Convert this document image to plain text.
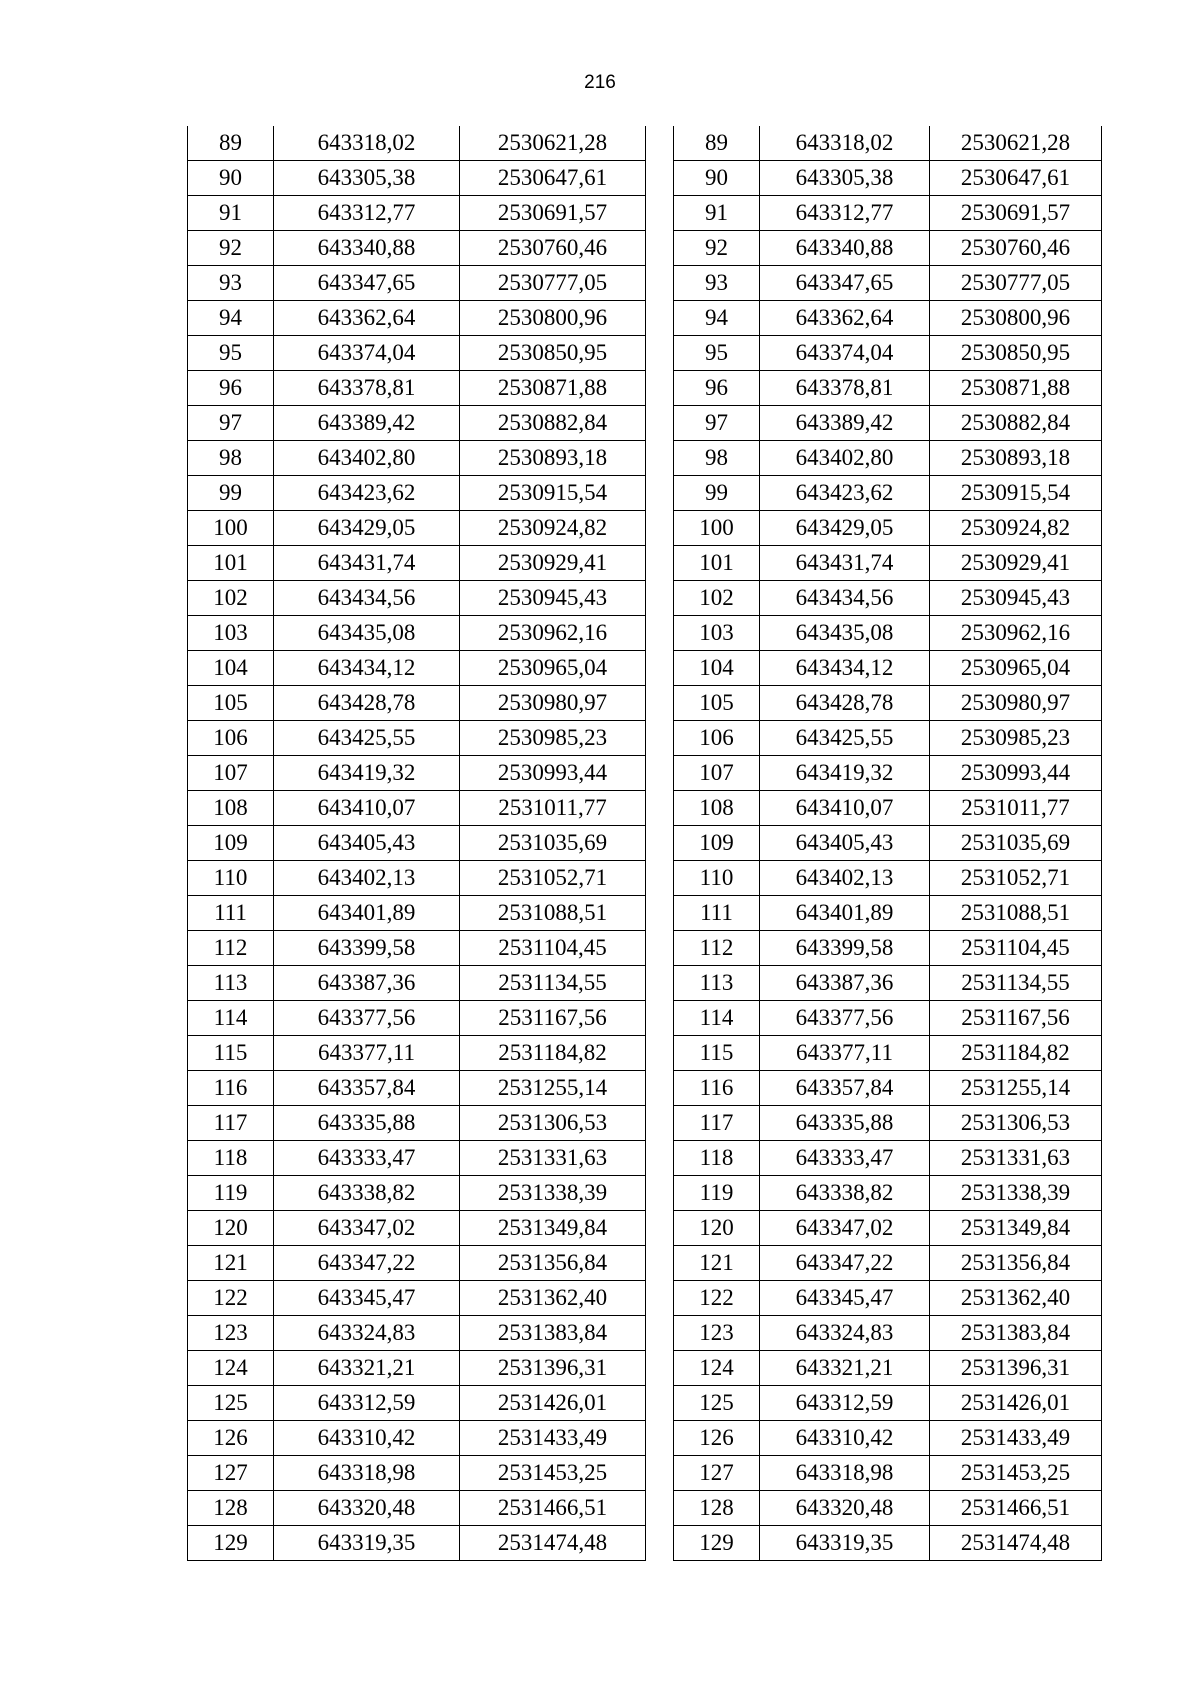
216
89	643318,02	2530621,28
90	643305,38	2530647,61
91	643312,77	2530691,57
92	643340,88	2530760,46
93	643347,65	2530777,05
94	643362,64	2530800,96
95	643374,04	2530850,95
96	643378,81	2530871,88
97	643389,42	2530882,84
98	643402,80	2530893,18
99	643423,62	2530915,54
100	643429,05	2530924,82
101	643431,74	2530929,41
102	643434,56	2530945,43
103	643435,08	2530962,16
104	643434,12	2530965,04
105	643428,78	2530980,97
106	643425,55	2530985,23
107	643419,32	2530993,44
108	643410,07	2531011,77
109	643405,43	2531035,69
110	643402,13	2531052,71
111	643401,89	2531088,51
112	643399,58	2531104,45
113	643387,36	2531134,55
114	643377,56	2531167,56
115	643377,11	2531184,82
116	643357,84	2531255,14
117	643335,88	2531306,53
118	643333,47	2531331,63
119	643338,82	2531338,39
120	643347,02	2531349,84
121	643347,22	2531356,84
122	643345,47	2531362,40
123	643324,83	2531383,84
124	643321,21	2531396,31
125	643312,59	2531426,01
126	643310,42	2531433,49
127	643318,98	2531453,25
128	643320,48	2531466,51
129	643319,35	2531474,48
89	643318,02	2530621,28
90	643305,38	2530647,61
91	643312,77	2530691,57
92	643340,88	2530760,46
93	643347,65	2530777,05
94	643362,64	2530800,96
95	643374,04	2530850,95
96	643378,81	2530871,88
97	643389,42	2530882,84
98	643402,80	2530893,18
99	643423,62	2530915,54
100	643429,05	2530924,82
101	643431,74	2530929,41
102	643434,56	2530945,43
103	643435,08	2530962,16
104	643434,12	2530965,04
105	643428,78	2530980,97
106	643425,55	2530985,23
107	643419,32	2530993,44
108	643410,07	2531011,77
109	643405,43	2531035,69
110	643402,13	2531052,71
111	643401,89	2531088,51
112	643399,58	2531104,45
113	643387,36	2531134,55
114	643377,56	2531167,56
115	643377,11	2531184,82
116	643357,84	2531255,14
117	643335,88	2531306,53
118	643333,47	2531331,63
119	643338,82	2531338,39
120	643347,02	2531349,84
121	643347,22	2531356,84
122	643345,47	2531362,40
123	643324,83	2531383,84
124	643321,21	2531396,31
125	643312,59	2531426,01
126	643310,42	2531433,49
127	643318,98	2531453,25
128	643320,48	2531466,51
129	643319,35	2531474,48
